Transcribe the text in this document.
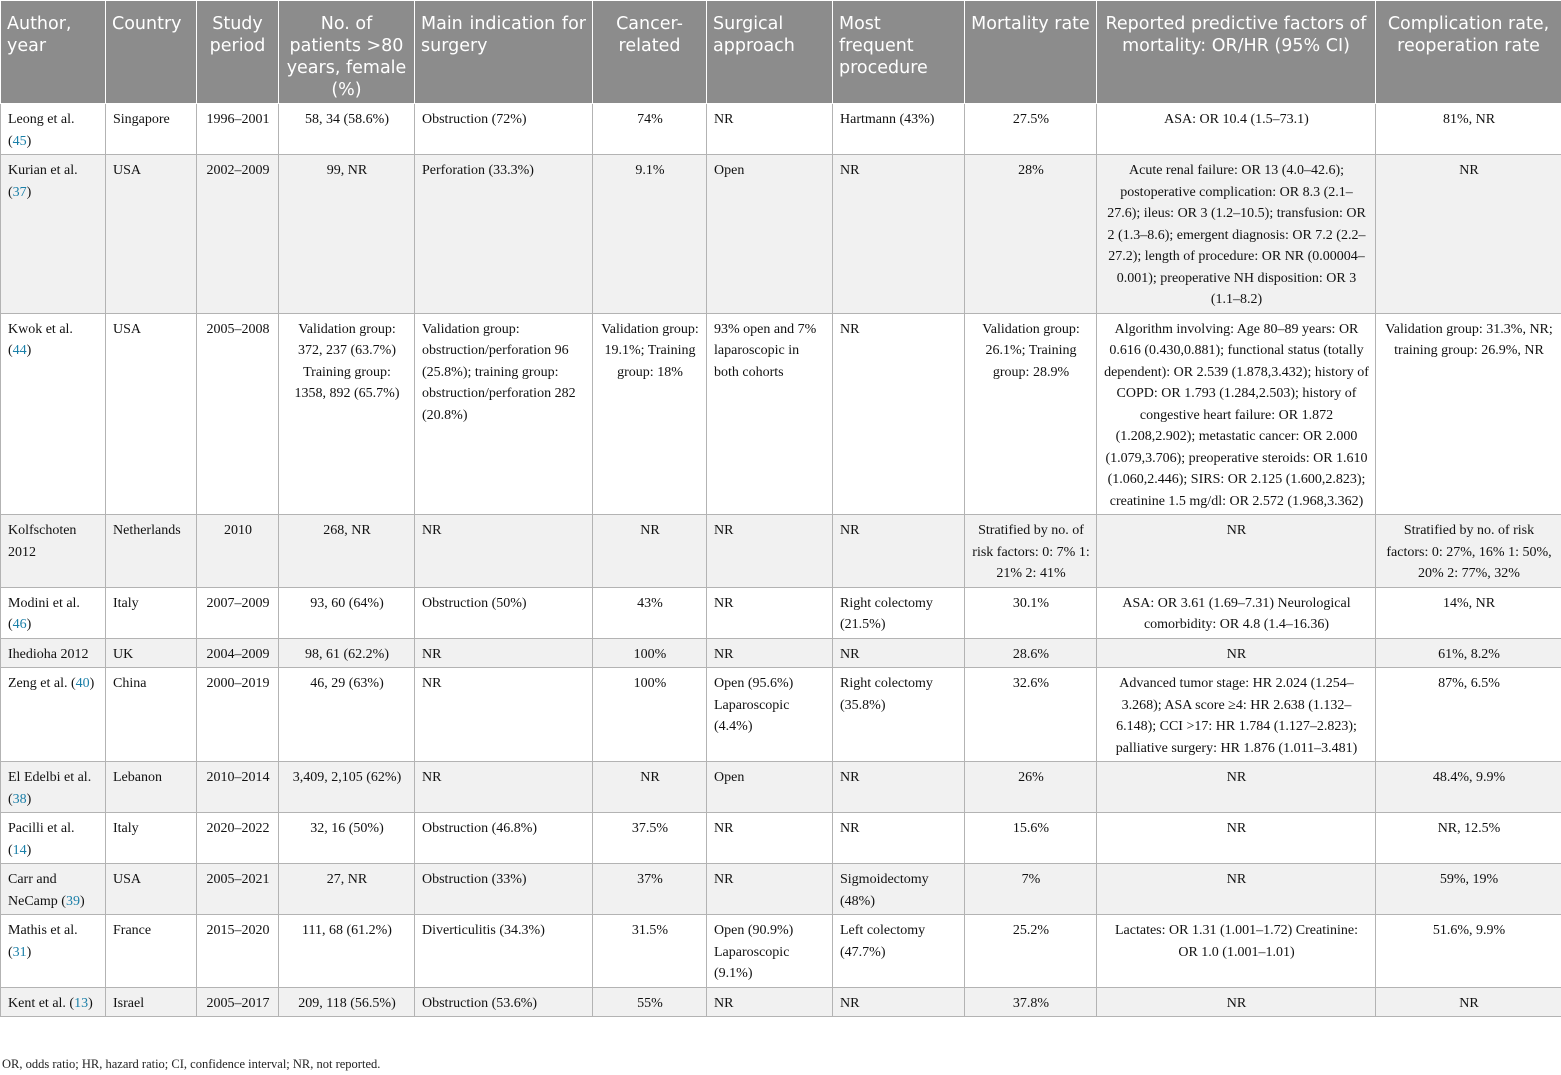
Author, year	Country	Study period	No. of patients >80 years, female (%)	Main indication for surgery	Cancer-related	Surgical approach	Most frequent procedure	Mortality rate	Reported predictive factors of mortality: OR/HR (95% CI)	Complication rate, reoperation rate
Leong et al. (45)	Singapore	1996–2001	58, 34 (58.6%)	Obstruction (72%)	74%	NR	Hartmann (43%)	27.5%	ASA: OR 10.4 (1.5–73.1)	81%, NR
Kurian et al. (37)	USA	2002–2009	99, NR	Perforation (33.3%)	9.1%	Open	NR	28%	Acute renal failure: OR 13 (4.0–42.6); postoperative complication: OR 8.3 (2.1–27.6); ileus: OR 3 (1.2–10.5); transfusion: OR 2 (1.3–8.6); emergent diagnosis: OR 7.2 (2.2–27.2); length of procedure: OR NR (0.00004–0.001); preoperative NH disposition: OR 3 (1.1–8.2)	NR
Kwok et al. (44)	USA	2005–2008	Validation group: 372, 237 (63.7%) Training group: 1358, 892 (65.7%)	Validation group: obstruction/perforation 96 (25.8%); training group: obstruction/perforation 282 (20.8%)	Validation group: 19.1%; Training group: 18%	93% open and 7% laparoscopic in both cohorts	NR	Validation group: 26.1%; Training group: 28.9%	Algorithm involving: Age 80–89 years: OR 0.616 (0.430,0.881); functional status (totally dependent): OR 2.539 (1.878,3.432); history of COPD: OR 1.793 (1.284,2.503); history of congestive heart failure: OR 1.872 (1.208,2.902); metastatic cancer: OR 2.000 (1.079,3.706); preoperative steroids: OR 1.610 (1.060,2.446); SIRS: OR 2.125 (1.600,2.823); creatinine 1.5 mg/dl: OR 2.572 (1.968,3.362)	Validation group: 31.3%, NR; training group: 26.9%, NR
Kolfschoten 2012	Netherlands	2010	268, NR	NR	NR	NR	NR	Stratified by no. of risk factors: 0: 7% 1: 21% 2: 41%	NR	Stratified by no. of risk factors: 0: 27%, 16% 1: 50%, 20% 2: 77%, 32%
Modini et al. (46)	Italy	2007–2009	93, 60 (64%)	Obstruction (50%)	43%	NR	Right colectomy (21.5%)	30.1%	ASA: OR 3.61 (1.69–7.31) Neurological comorbidity: OR 4.8 (1.4–16.36)	14%, NR
Ihedioha 2012	UK	2004–2009	98, 61 (62.2%)	NR	100%	NR	NR	28.6%	NR	61%, 8.2%
Zeng et al. (40)	China	2000–2019	46, 29 (63%)	NR	100%	Open (95.6%) Laparoscopic (4.4%)	Right colectomy (35.8%)	32.6%	Advanced tumor stage: HR 2.024 (1.254–3.268); ASA score ≥4: HR 2.638 (1.132–6.148); CCI >17: HR 1.784 (1.127–2.823); palliative surgery: HR 1.876 (1.011–3.481)	87%, 6.5%
El Edelbi et al. (38)	Lebanon	2010–2014	3,409, 2,105 (62%)	NR	NR	Open	NR	26%	NR	48.4%, 9.9%
Pacilli et al. (14)	Italy	2020–2022	32, 16 (50%)	Obstruction (46.8%)	37.5%	NR	NR	15.6%	NR	NR, 12.5%
Carr and NeCamp (39)	USA	2005–2021	27, NR	Obstruction (33%)	37%	NR	Sigmoidectomy (48%)	7%	NR	59%, 19%
Mathis et al. (31)	France	2015–2020	111, 68 (61.2%)	Diverticulitis (34.3%)	31.5%	Open (90.9%) Laparoscopic (9.1%)	Left colectomy (47.7%)	25.2%	Lactates: OR 1.31 (1.001–1.72) Creatinine: OR 1.0 (1.001–1.01)	51.6%, 9.9%
Kent et al. (13)	Israel	2005–2017	209, 118 (56.5%)	Obstruction (53.6%)	55%	NR	NR	37.8%	NR	NR
OR, odds ratio; HR, hazard ratio; CI, confidence interval; NR, not reported.
